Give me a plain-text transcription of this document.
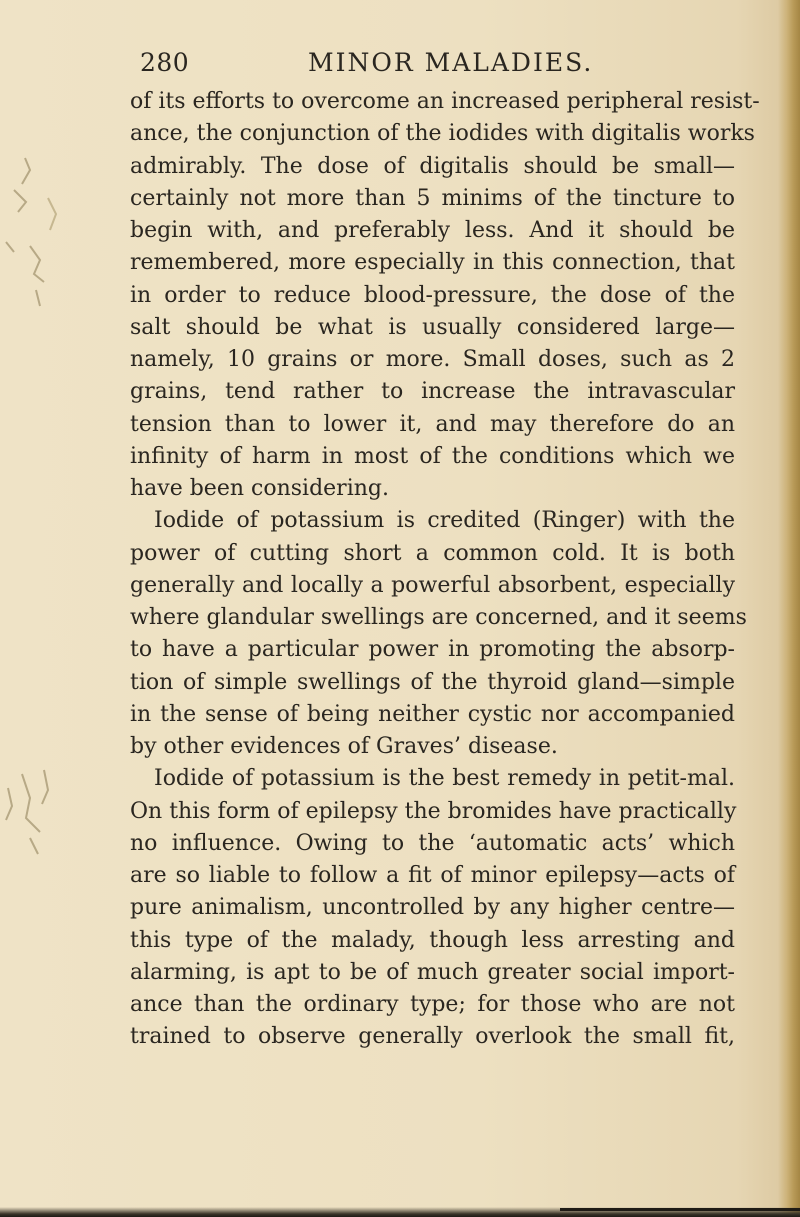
280	MINOR MALADIES.
of its efforts to overcome an increased peripheral resist-
ance, the conjunction of the iodides with digitalis works
admirably. The dose of digitalis should be small—
certainly not more than 5 minims of the tincture to
begin with, and preferably less. And it should be
remembered, more especially in this connection, that
in order to reduce blood-pressure, the dose of the
salt should be what is usually considered large—
namely, 10 grains or more. Small doses, such as 2
grains, tend rather to increase the intravascular
tension than to lower it, and may therefore do an
infinity of harm in most of the conditions which we
have been considering.
Iodide of potassium is credited (Ringer) with the
power of cutting short a common cold. It is both
generally and locally a powerful absorbent, especially
where glandular swellings are concerned, and it seems
to have a particular power in promoting the absorp-
tion of simple swellings of the thyroid gland—simple
in the sense of being neither cystic nor accompanied
by other evidences of Graves’ disease.
Iodide of potassium is the best remedy in petit-mal.
On this form of epilepsy the bromides have practically
no influence. Owing to the ‘automatic acts’ which
are so liable to follow a fit of minor epilepsy—acts of
pure animalism, uncontrolled by any higher centre—
this type of the malady, though less arresting and
alarming, is apt to be of much greater social import-
ance than the ordinary type; for those who are not
trained to observe generally overlook the small fit,
